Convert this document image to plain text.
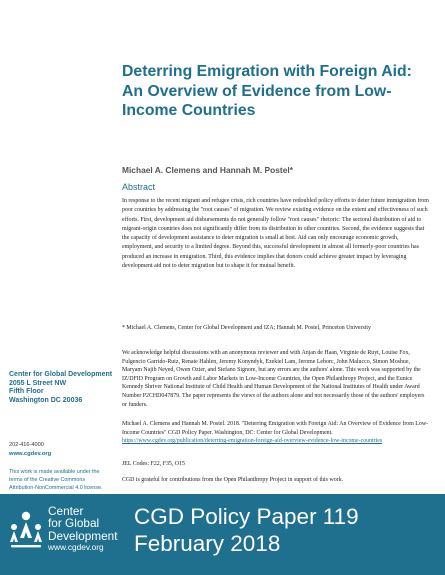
Center for Global Development
2055 L Street NW
Fifth Floor
Washington DC 20036
202-416-4000
www.cgdev.org
This work is made available under the terms of the Creative Commons Attribution-NonCommercial 4.0 license.
Deterring Emigration with Foreign Aid: An Overview of Evidence from Low-Income Countries
Michael A. Clemens and Hannah M. Postel*
Abstract

In response to the recent migrant and refugee crisis, rich countries have redoubled policy efforts to deter future immigration from poor countries by addressing the "root causes" of migration. We review existing evidence on the extent and effectiveness of such efforts. First, development aid disbursements do not generally follow "root causes" rhetoric: The sectoral distribution of aid to migrant-origin countries does not significantly differ from its distribution in other countries. Second, the evidence suggests that the capacity of development assistance to deter migration is small at best. Aid can only encourage economic growth, employment, and security to a limited degree. Beyond this, successful development in almost all formerly-poor countries has produced an increase in emigration. Third, this evidence implies that donors could achieve greater impact by leveraging development aid not to deter migration but to shape it for mutual benefit.

* Michael A. Clemens, Center for Global Development and IZA; Hannah M. Postel, Princeton University

We acknowledge helpful discussions with an anonymous reviewer and with Anjan de Haan, Virginie de Ruyt, Louise Fox, Fulgencio Garrido-Ruiz, Renate Hahlen, Jeremy Konyndyk, Ezekiel Lam, Jerome Leborc, John Malucco, Simon Moshue, Maryam Najib Neyed, Owen Ozier, and Stefano Signore, but any errors are the authors' alone. This work was supported by the IZ/DFID Program on Growth and Labor Markets in Low-Income Countries, the Open Philanthropy Project, and the Eunice Kennedy Shriver National Institute of Child Health and Human Development of the National Institutes of Health under Award Number P2CHD047879. The paper represents the views of the authors alone and not necessarily those of the authors' employers or funders.

Michael A. Clemens and Hannah M. Postel. 2018. "Deterring Emigration with Foreign Aid: An Overview of Evidence from Low-Income Countries" CGD Policy Paper. Washington, DC: Center for Global Development. https://www.cgdev.org/publication/deterring-emigration-foreign-aid-overview-evidence-low-income-countries

JEL Codes: F22, F35, O15
CGD is grateful for contributions from the Open Philanthropy Project in support of this work.
Center
for Global
Development
www.cgdev.org
CGD Policy Paper 119
February 2018
